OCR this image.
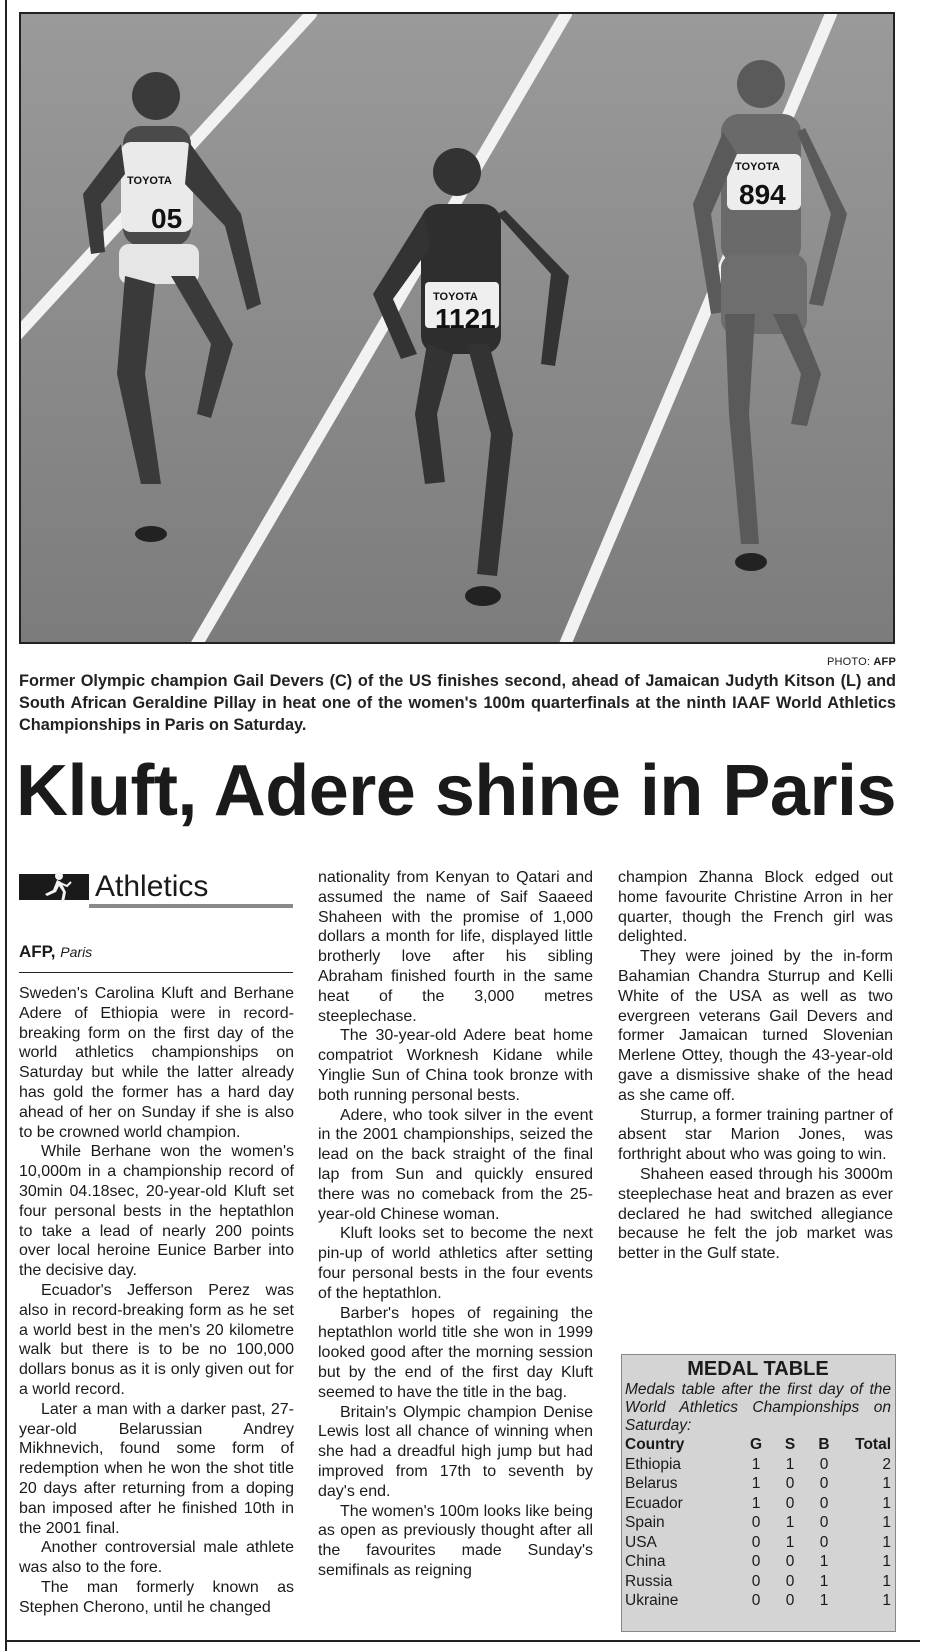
TOYOTA
05
TOYOTA
1121
TOYOTA
894
PHOTO: AFP
Former Olympic champion Gail Devers (C) of the US finishes second, ahead of Jamaican Judyth Kitson (L) and South African Geraldine Pillay in heat one of the women's 100m quarterfinals at the ninth IAAF World Athletics Championships in Paris on Saturday.
Kluft, Adere shine in Paris
Athletics
AFP, Paris

Sweden's Carolina Kluft and Berhane Adere of Ethiopia were in record-breaking form on the first day of the world athletics championships on Saturday but while the latter already has gold the former has a hard day ahead of her on Sunday if she is also to be crowned world champion.

While Berhane won the women's 10,000m in a championship record of 30min 04.18sec, 20-year-old Kluft set four personal bests in the heptathlon to take a lead of nearly 200 points over local heroine Eunice Barber into the decisive day.

Ecuador's Jefferson Perez was also in record-breaking form as he set a world best in the men's 20 kilometre walk but there is to be no 100,000 dollars bonus as it is only given out for a world record.

Later a man with a darker past, 27-year-old Belarussian Andrey Mikhnevich, found some form of redemption when he won the shot title 20 days after returning from a doping ban imposed after he finished 10th in the 2001 final.

Another controversial male athlete was also to the fore.

The man formerly known as Stephen Cherono, until he changed

nationality from Kenyan to Qatari and assumed the name of Saif Saaeed Shaheen with the promise of 1,000 dollars a month for life, displayed little brotherly love after his sibling Abraham finished fourth in the same heat of the 3,000 metres steeplechase.

The 30-year-old Adere beat home compatriot Worknesh Kidane while Yinglie Sun of China took bronze with both running personal bests.

Adere, who took silver in the event in the 2001 championships, seized the lead on the back straight of the final lap from Sun and quickly ensured there was no comeback from the 25-year-old Chinese woman.

Kluft looks set to become the next pin-up of world athletics after setting four personal bests in the four events of the heptathlon.

Barber's hopes of regaining the heptathlon world title she won in 1999 looked good after the morning session but by the end of the first day Kluft seemed to have the title in the bag.

Britain's Olympic champion Denise Lewis lost all chance of winning when she had a dreadful high jump but had improved from 17th to seventh by day's end.

The women's 100m looks like being as open as previously thought after all the favourites made Sunday's semifinals as reigning

champion Zhanna Block edged out home favourite Christine Arron in her quarter, though the French girl was delighted.

They were joined by the in-form Bahamian Chandra Sturrup and Kelli White of the USA as well as two evergreen veterans Gail Devers and former Jamaican turned Slovenian Merlene Ottey, though the 43-year-old gave a dismissive shake of the head as she came off.

Sturrup, a former training partner of absent star Marion Jones, was forthright about who was going to win.

Shaheen eased through his 3000m steeplechase heat and brazen as ever declared he had switched allegiance because he felt the job market was better in the Gulf state.

MEDAL TABLE
Medals table after the first day of the World Athletics Championships on Saturday:
Country	G	S	B	Total
Ethiopia	1	1	0	2
Belarus	1	0	0	1
Ecuador	1	0	0	1
Spain	0	1	0	1
USA	0	1	0	1
China	0	0	1	1
Russia	0	0	1	1
Ukraine	0	0	1	1
